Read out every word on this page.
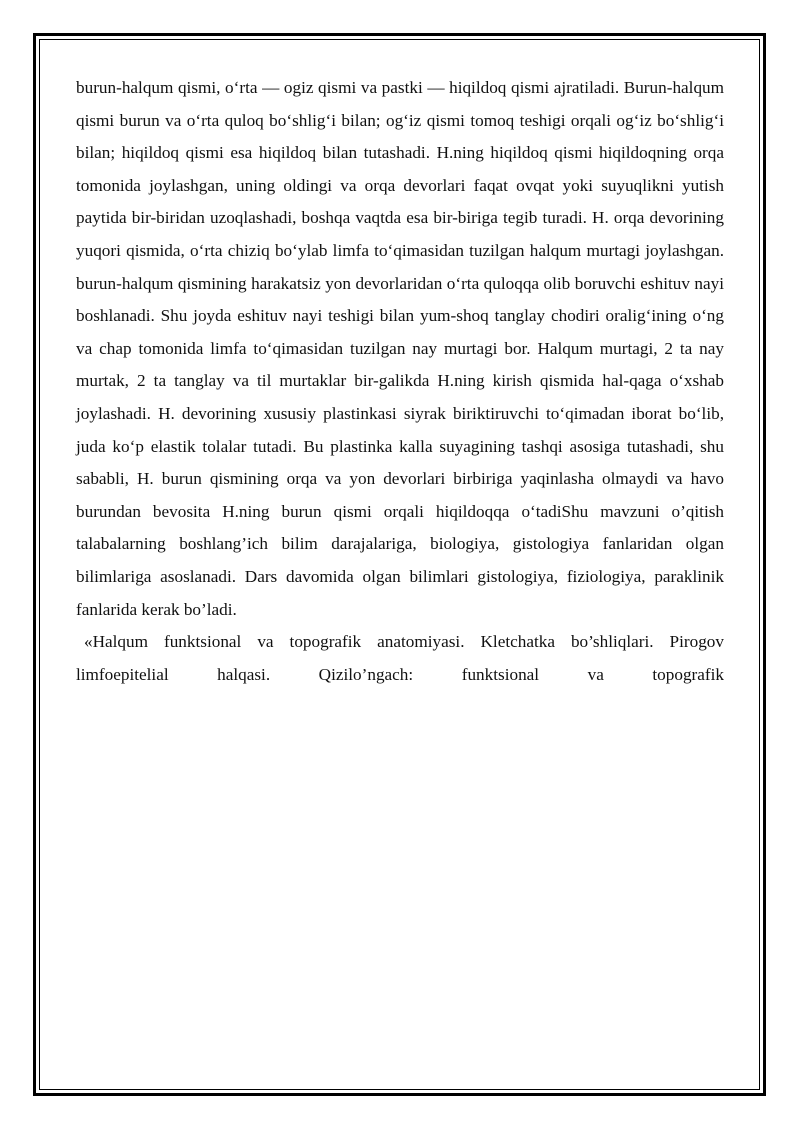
burun-halqum qismi, o‘rta — ogiz qismi va pastki — hiqildoq qismi ajratiladi. Burun-halqum qismi burun va o‘rta quloq bo‘shlig‘i bilan; og‘iz qismi tomoq teshigi orqali og‘iz bo‘shlig‘i bilan; hiqildoq qismi esa hiqildoq bilan tutashadi. H.ning hiqildoq qismi hiqildoqning orqa tomonida joylashgan, uning oldingi va orqa devorlari faqat ovqat yoki suyuqlikni yutish paytida bir-biridan uzoqlashadi, boshqa vaqtda esa bir-biriga tegib turadi. H. orqa devorining yuqori qismida, o‘rta chiziq bo‘ylab limfa to‘qimasidan tuzilgan halqum murtagi joylashgan. burun-halqum qismining harakatsiz yon devorlaridan o‘rta quloqqa olib boruvchi eshituv nayi boshlanadi. Shu joyda eshituv nayi teshigi bilan yum-shoq tanglay chodiri oralig‘ining o‘ng va chap tomonida limfa to‘qimasidan tuzilgan nay murtagi bor. Halqum murtagi, 2 ta nay murtak, 2 ta tanglay va til murtaklar bir-galikda H.ning kirish qismida hal-qaga o‘xshab joylashadi. H. devorining xususiy plastinkasi siyrak biriktiruvchi to‘qimadan iborat bo‘lib, juda ko‘p elastik tolalar tutadi. Bu plastinka kalla suyagining tashqi asosiga tutashadi, shu sababli, H. burun qismining orqa va yon devorlari birbiriga yaqinlasha olmaydi va havo burundan bevosita H.ning burun qismi orqali hiqildoqqa o‘tadiShu mavzuni o’qitish talabalarning boshlang’ich bilim darajalariga, biologiya, gistologiya fanlaridan olgan bilimlariga asoslanadi. Dars davomida olgan bilimlari gistologiya, fiziologiya, paraklinik fanlarida kerak bo’ladi.

«Halqum funktsional va topografik anatomiyasi. Kletchatka bo’shliqlari. Pirogov limfoepitelial halqasi. Qizilo’ngach: funktsional va topografik
